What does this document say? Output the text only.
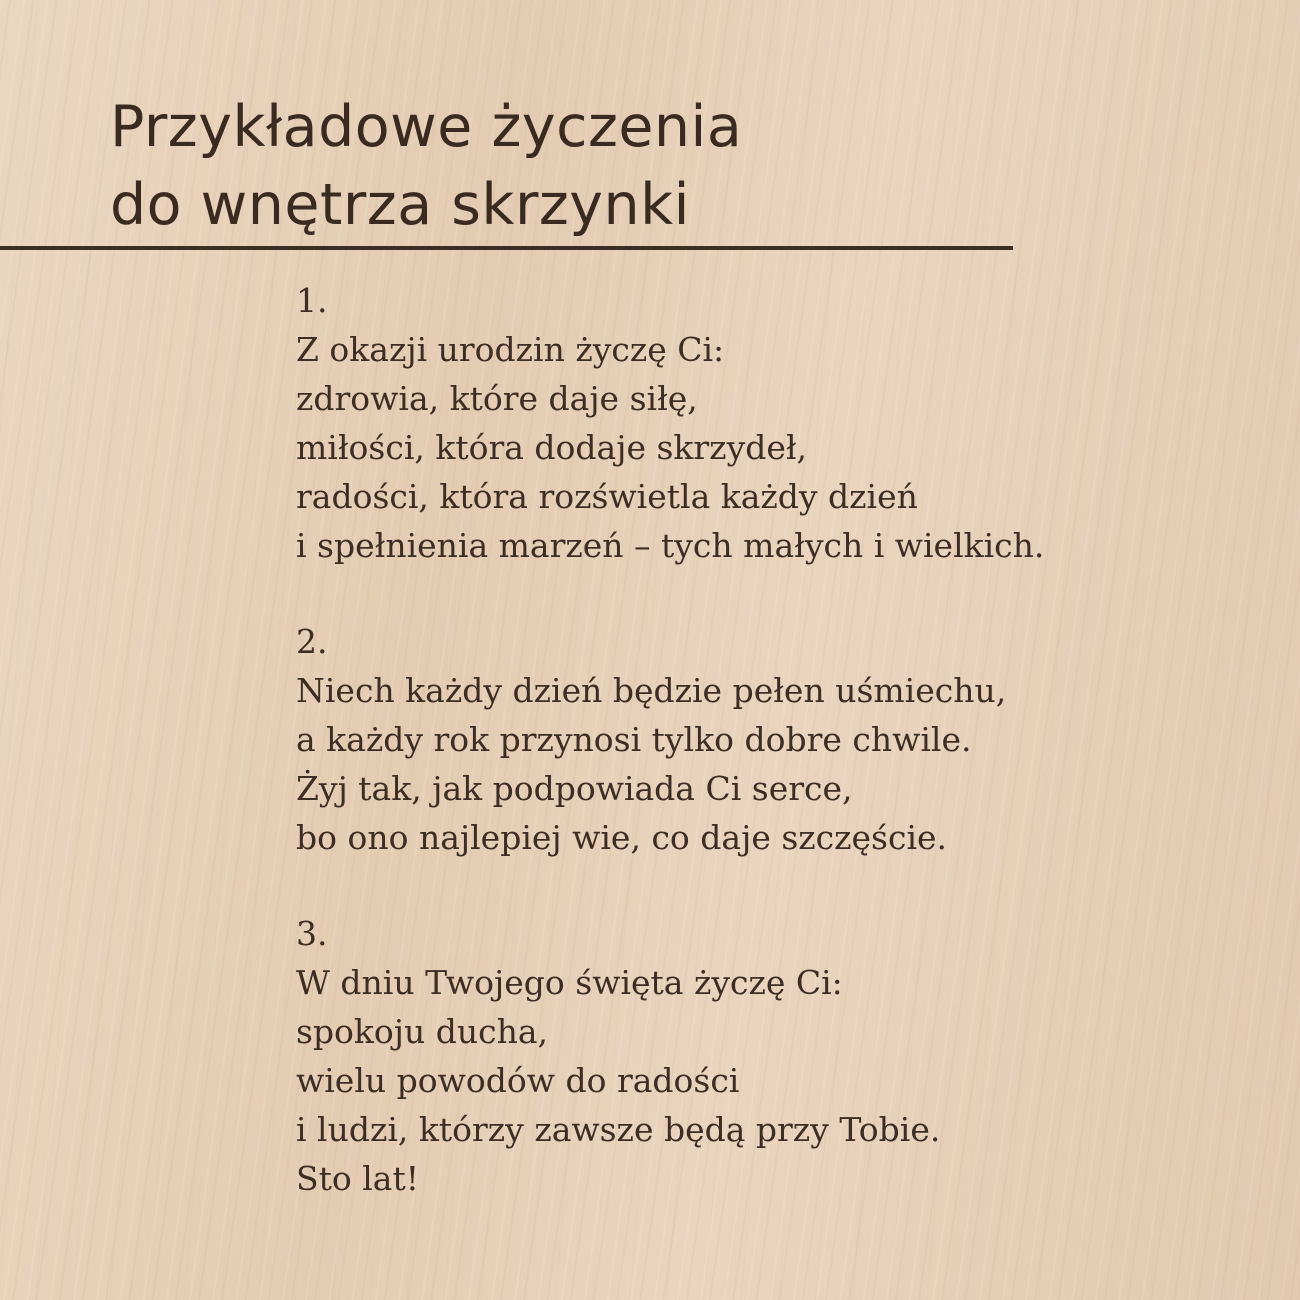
Przykładowe życzenia
do wnętrza skrzynki
1.
Z okazji urodzin życzę Ci:
zdrowia, które daje siłę,
miłości, która dodaje skrzydeł,
radości, która rozświetla każdy dzień
i spełnienia marzeń – tych małych i wielkich.
2.
Niech każdy dzień będzie pełen uśmiechu,
a każdy rok przynosi tylko dobre chwile.
Żyj tak, jak podpowiada Ci serce,
bo ono najlepiej wie, co daje szczęście.
3.
W dniu Twojego święta życzę Ci:
spokoju ducha,
wielu powodów do radości
i ludzi, którzy zawsze będą przy Tobie.
Sto lat!
